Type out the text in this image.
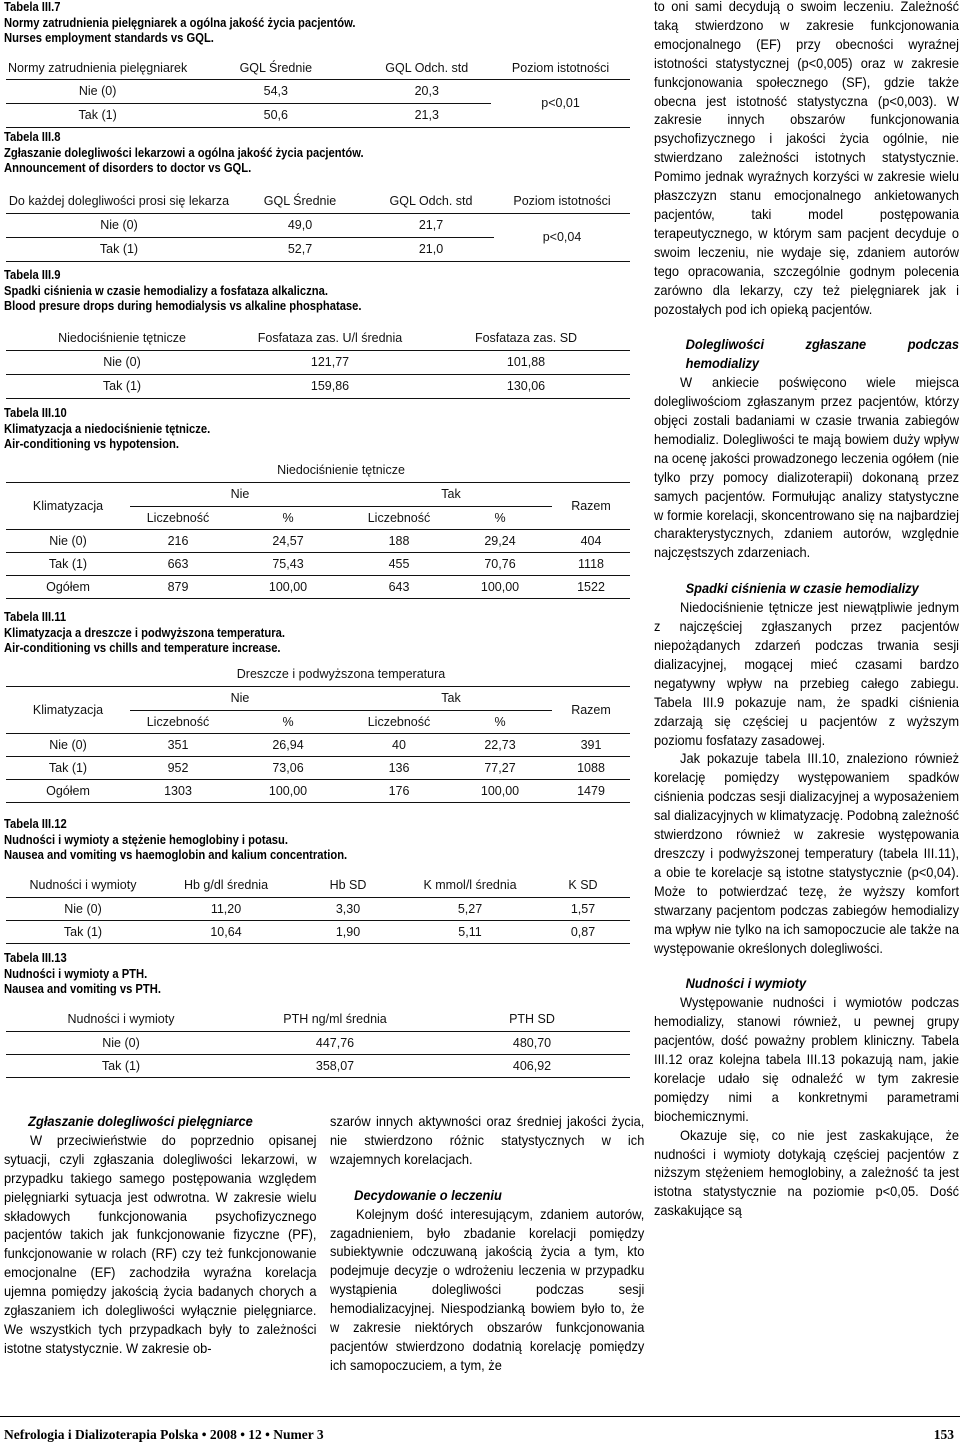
Tabela III.7
Normy zatrudnienia pielęgniarek a ogólna jakość życia pacjentów.
Nurses employment standards vs GQL.
Normy zatrudnienia pielęgniarek	GQL Średnie	GQL Odch. std	Poziom istotności
Nie (0)	54,3	20,3	p<0,01
Tak (1)	50,6	21,3	
Tabela III.8
Zgłaszanie dolegliwości lekarzowi a ogólna jakość życia pacjentów.
Announcement of disorders to doctor vs GQL.
Do każdej dolegliwości prosi się lekarza	GQL Średnie	GQL Odch. std	Poziom istotności
Nie (0)	49,0	21,7	p<0,04
Tak (1)	52,7	21,0	
Tabela III.9
Spadki ciśnienia w czasie hemodializy a fosfataza alkaliczna.
Blood presure drops during hemodialysis vs alkaline phosphatase.
Niedociśnienie tętnicze	Fosfataza zas. U/l średnia	Fosfataza zas. SD
Nie (0)	121,77	101,88
Tak (1)	159,86	130,06
Tabela III.10
Klimatyzacja a niedociśnienie tętnicze.
Air-conditioning vs hypotension.
	Niedociśnienie tętnicze				
Klimatyzacja	Nie		Tak		Razem
	Liczebność	%	Liczebność	%	
Nie (0)	216	24,57	188	29,24	404
Tak (1)	663	75,43	455	70,76	1118
Ogółem	879	100,00	643	100,00	1522
Tabela III.11
Klimatyzacja a dreszcze i podwyższona temperatura.
Air-conditioning vs chills and temperature increase.
	Dreszcze i podwyższona temperatura				
Klimatyzacja	Nie		Tak		Razem
	Liczebność	%	Liczebność	%	
Nie (0)	351	26,94	40	22,73	391
Tak (1)	952	73,06	136	77,27	1088
Ogółem	1303	100,00	176	100,00	1479
Tabela III.12
Nudności i wymioty a stężenie hemoglobiny i potasu.
Nausea and vomiting vs haemoglobin and kalium concentration.
Nudności i wymioty	Hb g/dl średnia	Hb SD	K mmol/l średnia	K SD
Nie (0)	11,20	3,30	5,27	1,57
Tak (1)	10,64	1,90	5,11	0,87
Tabela III.13
Nudności i wymioty a PTH.
Nausea and vomiting vs PTH.
Nudności i wymioty	PTH ng/ml średnia	PTH SD
Nie (0)	447,76	480,70
Tak (1)	358,07	406,92
Zgłaszanie dolegliwości pielęgniarce

W przeciwieństwie do poprzednio opisanej sytuacji, czyli zgłaszania dolegliwości lekarzowi, w przypadku takiego samego postępowania względem pielęgniarki sytuacja jest odwrotna. W zakresie wielu składowych funkcjonowania psychofizycznego pacjentów takich jak funkcjonowanie fizyczne (PF), funkcjonowanie w rolach (RF) czy też funkcjonowanie emocjonalne (EF) zachodziła wyraźna korelacja ujemna pomiędzy jakością życia badanych chorych a zgłaszaniem ich dolegliwości wyłącznie pielęgniarce. We wszystkich tych przypadkach były to zależności istotne statystycznie. W zakresie ob-

szarów innych aktywności oraz średniej jakości życia, nie stwierdzono różnic statystycznych w ich wzajemnych korelacjach.

Decydowanie o leczeniu

Kolejnym dość interesującym, zdaniem autorów, zagadnieniem, było zbadanie korelacji pomiędzy subiektywnie odczuwaną jakością życia a tym, kto podejmuje decyzje o wdrożeniu leczenia w przypadku wystąpienia dolegliwości podczas sesji hemodializacyjnej. Niespodzianką bowiem było to, że w zakresie niektórych obszarów funkcjonowania pacjentów stwierdzono dodatnią korelację pomiędzy ich samopoczuciem, a tym, że

to oni sami decydują o swoim leczeniu. Zależność taką stwierdzono w zakresie funkcjonowania emocjonalnego (EF) przy obecności wyraźnej istotności statystycznej (p<0,005) oraz w zakresie funkcjonowania społecznego (SF), gdzie także obecna jest istotność statystyczna (p<0,003). W zakresie innych obszarów funkcjonowania psychofizycznego i jakości życia ogólnie, nie stwierdzano zależności istotnych statystycznie. Pomimo jednak wyraźnych korzyści w zakresie wielu płaszczyzn stanu emocjonalnego ankietowanych pacjentów, taki model postępowania terapeutycznego, w którym sam pacjent decyduje o swoim leczeniu, nie wydaje się, zdaniem autorów tego opracowania, szczególnie godnym polecenia zarówno dla lekarzy, czy też pielęgniarek jak i pozostałych pod ich opieką pacjentów.

Dolegliwości zgłaszane podczas hemodializy

W ankiecie poświęcono wiele miejsca dolegliwościom zgłaszanym przez pacjentów, którzy objęci zostali badaniami w czasie trwania zabiegów hemodializ. Dolegliwości te mają bowiem duży wpływ na ocenę jakości prowadzonego leczenia ogółem (nie tylko przy pomocy dializoterapii) dokonaną przez samych pacjentów. Formułując analizy statystyczne w formie korelacji, skoncentrowano się na najbardziej charakterystycznych, zdaniem autorów, względnie najczęstszych zdarzeniach.

Spadki ciśnienia w czasie hemodializy

Niedociśnienie tętnicze jest niewątpliwie jednym z najczęściej zgłaszanych przez pacjentów niepożądanych zdarzeń podczas trwania sesji dializacyjnej, mogącej mieć czasami bardzo negatywny wpływ na przebieg całego zabiegu. Tabela III.9 pokazuje nam, że spadki ciśnienia zdarzają się częściej u pacjentów z wyższym poziomu fosfatazy zasadowej.

Jak pokazuje tabela III.10, znaleziono również korelację pomiędzy występowaniem spadków ciśnienia podczas sesji dializacyjnej a wyposażeniem sal dializacyjnych w klimatyzację. Podobną zależność stwierdzono również w zakresie występowania dreszczy i podwyższonej temperatury (tabela III.11), a obie te korelacje są istotne statystycznie (p<0,04). Może to potwierdzać tezę, że wyższy komfort stwarzany pacjentom podczas zabiegów hemodializy ma wpływ nie tylko na ich samopoczucie ale także na występowanie określonych dolegliwości.

Nudności i wymioty

Występowanie nudności i wymiotów podczas hemodializy, stanowi również, u pewnej grupy pacjentów, dość poważny problem kliniczny. Tabela III.12 oraz kolejna tabela III.13 pokazują nam, jakie korelacje udało się odnaleźć w tym zakresie pomiędzy nimi a konkretnymi parametrami biochemicznymi.

Okazuje się, co nie jest zaskakujące, że nudności i wymioty dotykają częściej pacjentów z niższym stężeniem hemoglobiny, a zależność ta jest istotna statystycznie na poziomie p<0,05. Dość zaskakujące są

Nefrologia i Dializoterapia Polska • 2008 • 12 • Numer 3	153
